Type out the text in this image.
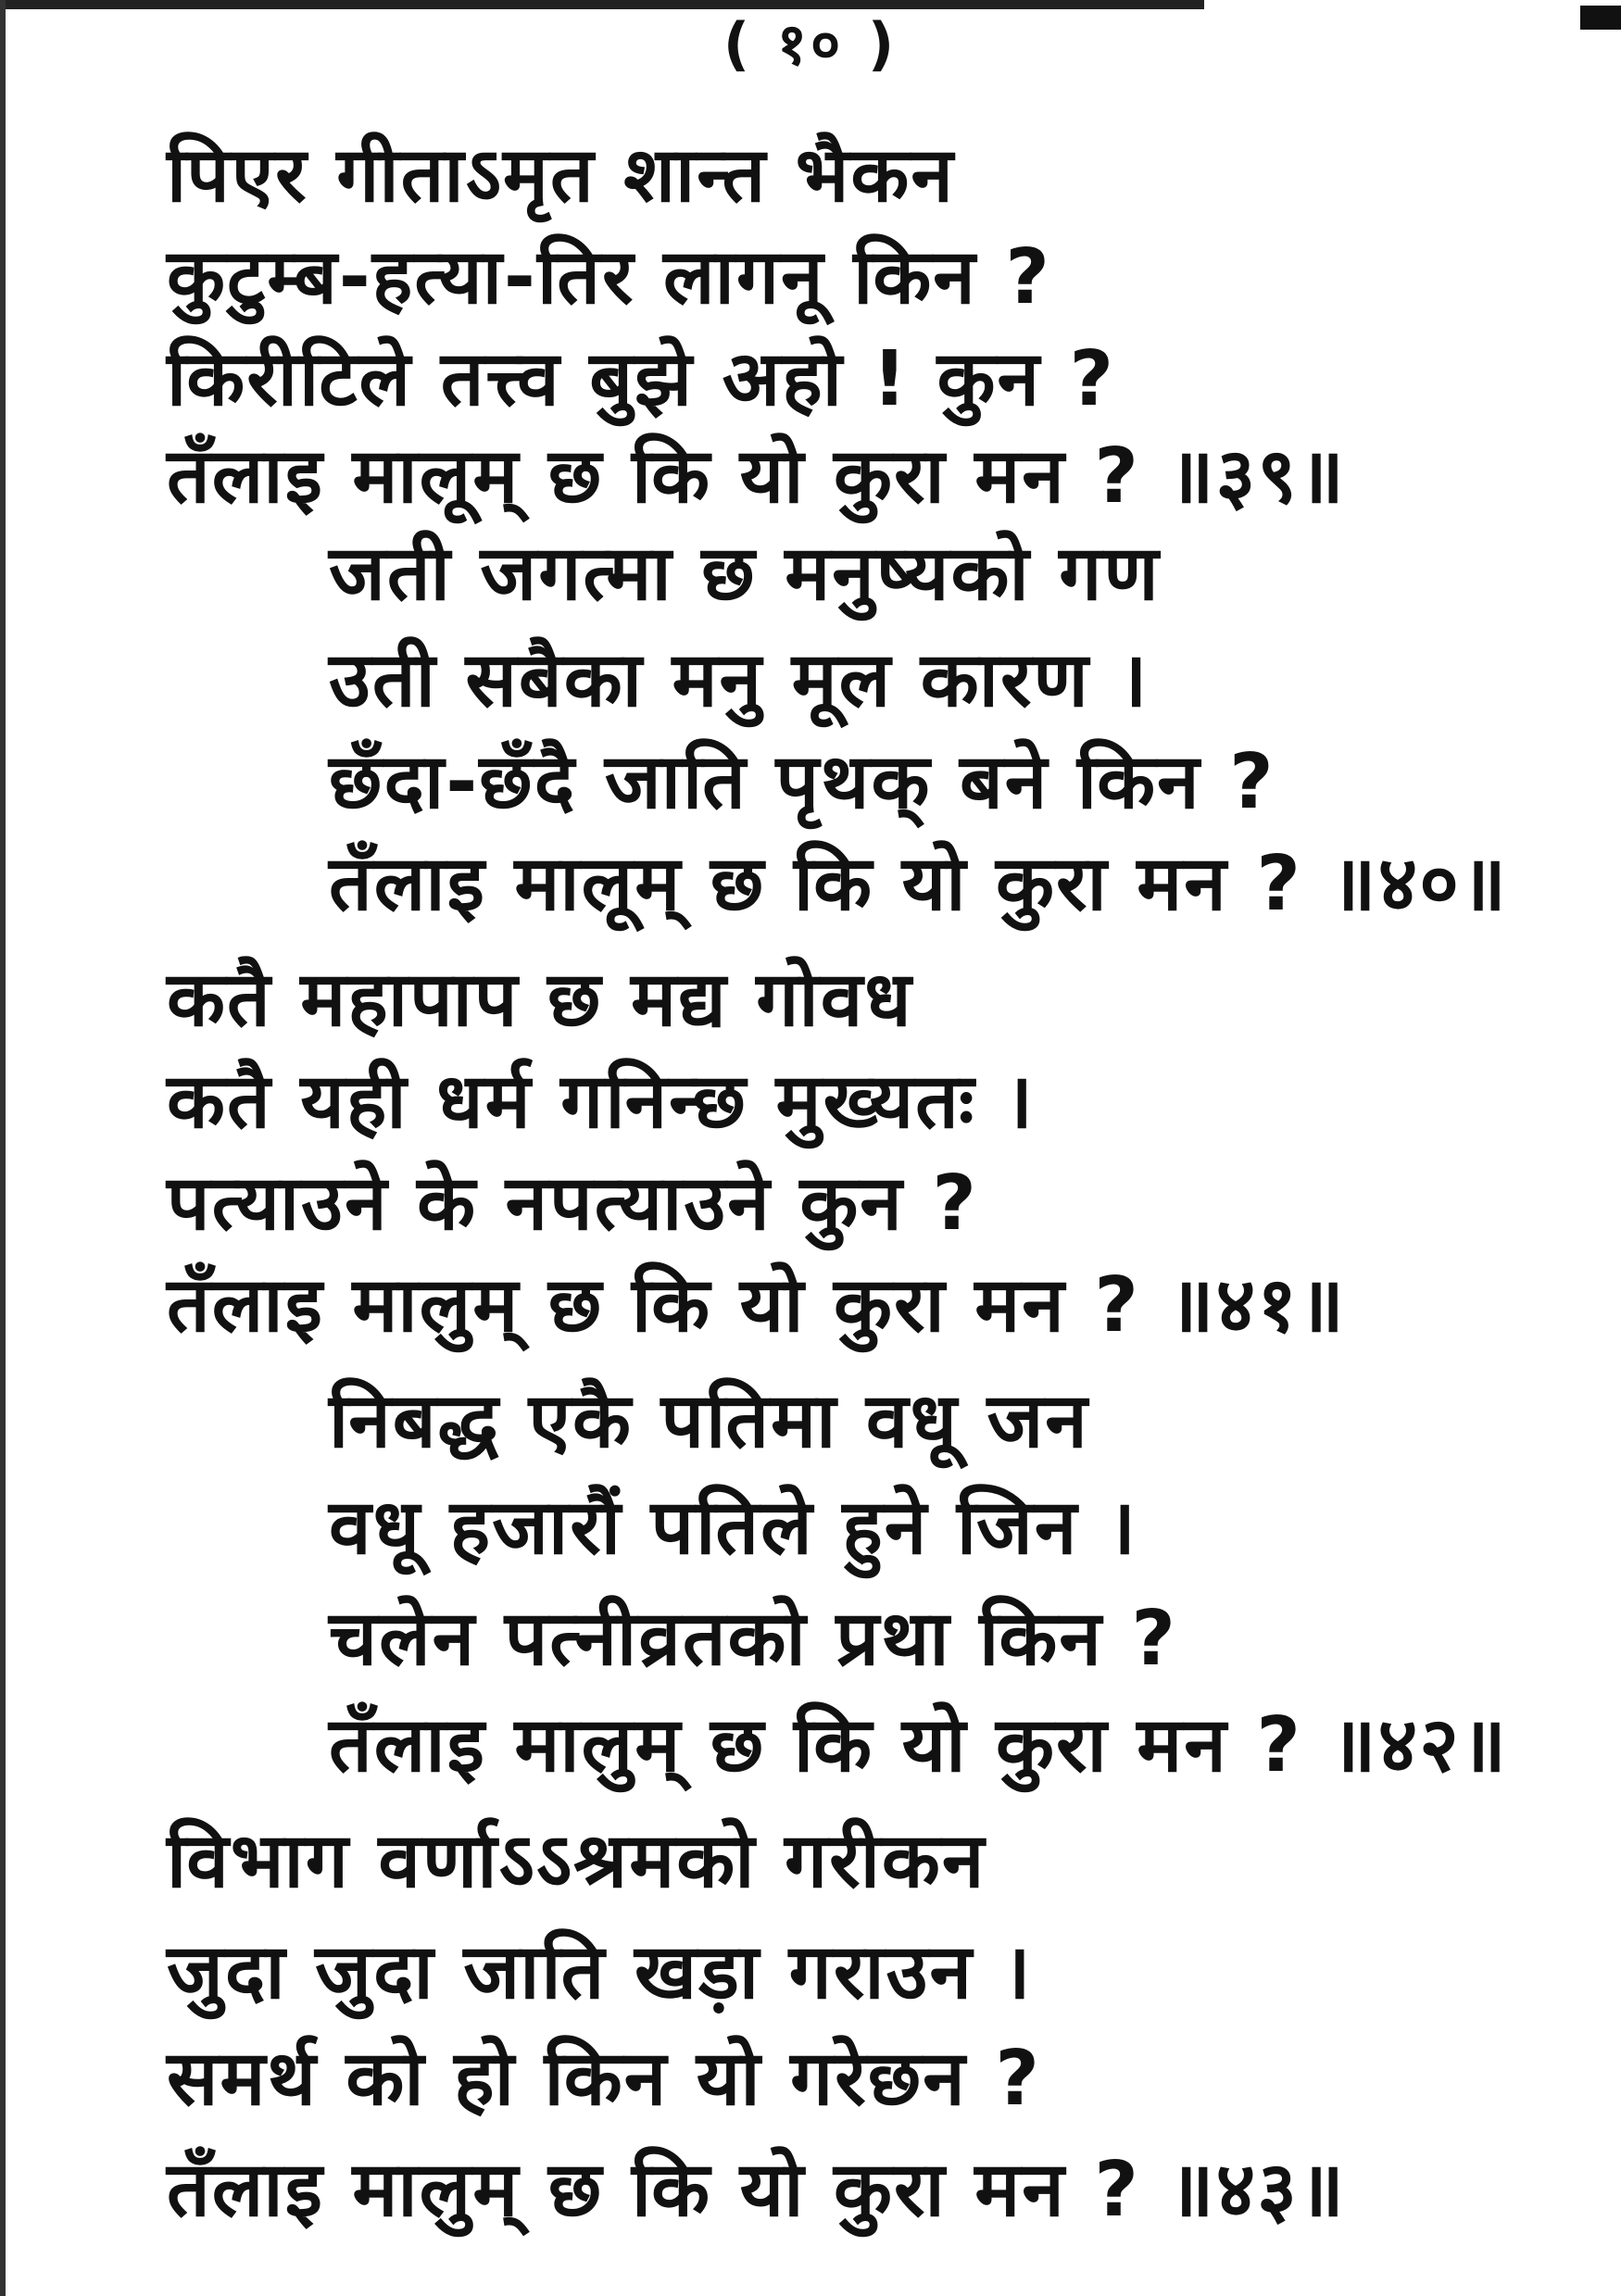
( १० )
पिएर गीताऽमृत शान्त भैकन
कुटुम्ब-हत्या-तिर लागनू किन ?
किरीटिले तत्त्व बुझे अहो ! कुन ?
तँलाइ मालूम् छ कि यो कुरा मन ? ॥३९॥
जती जगत्मा छ मनुष्यको गण
उती सबैका मनु मूल कारण ।
छँदा-छँदै जाति पृथक् बने किन ?
तँलाइ मालूम् छ कि यो कुरा मन ? ॥४०॥
कतै महापाप छ मद्य गोवध
कतै यही धर्म गनिन्छ मुख्यतः ।
पत्याउने के नपत्याउने कुन ?
तँलाइ मालुम् छ कि यो कुरा मन ? ॥४१॥
निबद्ध एकै पतिमा वधू जन
वधू हजारौं पतिले हुने जिन ।
चलेन पत्नीव्रतको प्रथा किन ?
तँलाइ मालुम् छ कि यो कुरा मन ? ॥४२॥
विभाग वर्णाऽऽश्रमको गरीकन
जुदा जुदा जाति खड़ा गराउन ।
समर्थ को हो किन यो गरेछन ?
तँलाइ मालुम् छ कि यो कुरा मन ? ॥४३॥
